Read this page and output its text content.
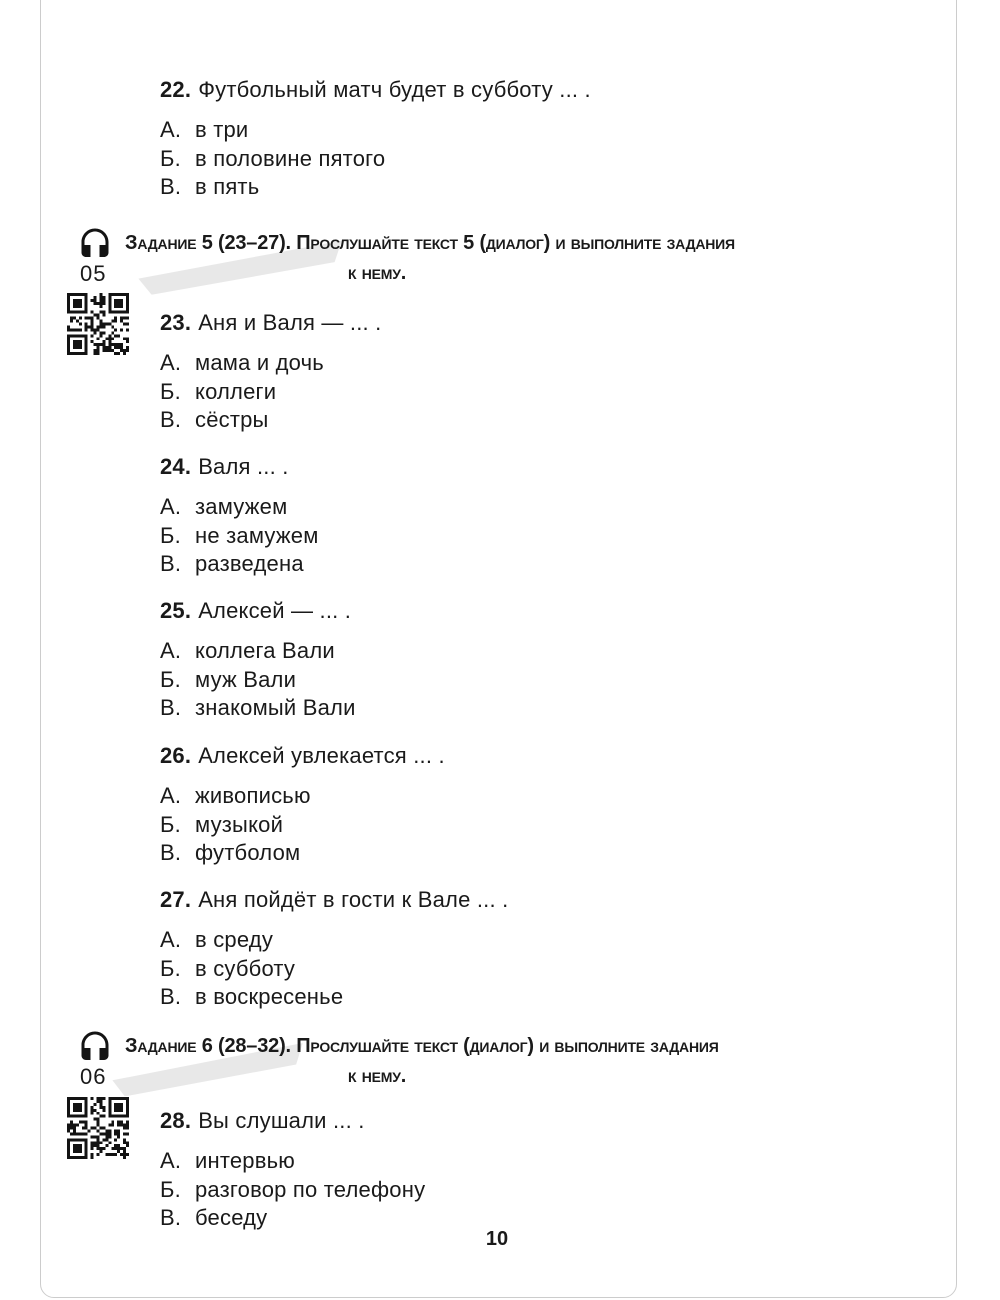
22. Футбольный матч будет в субботу ... .
А. в три
Б. в половине пятого
В. в пять
05
Задание 5 (23–27). Прослушайте текст 5 (диалог) и выполните задания
к нему.
23. Аня и Валя — ... .
А. мама и дочь
Б. коллеги
В. сёстры
24. Валя ... .
А. замужем
Б. не замужем
В. разведена
25. Алексей — ... .
А. коллега Вали
Б. муж Вали
В. знакомый Вали
26. Алексей увлекается ... .
А. живописью
Б. музыкой
В. футболом
27. Аня пойдёт в гости к Вале ... .
А. в среду
Б. в субботу
В. в воскресенье
06
Задание 6 (28–32). Прослушайте текст (диалог) и выполните задания
к нему.
28. Вы слушали ... .
А. интервью
Б. разговор по телефону
В. беседу
10
